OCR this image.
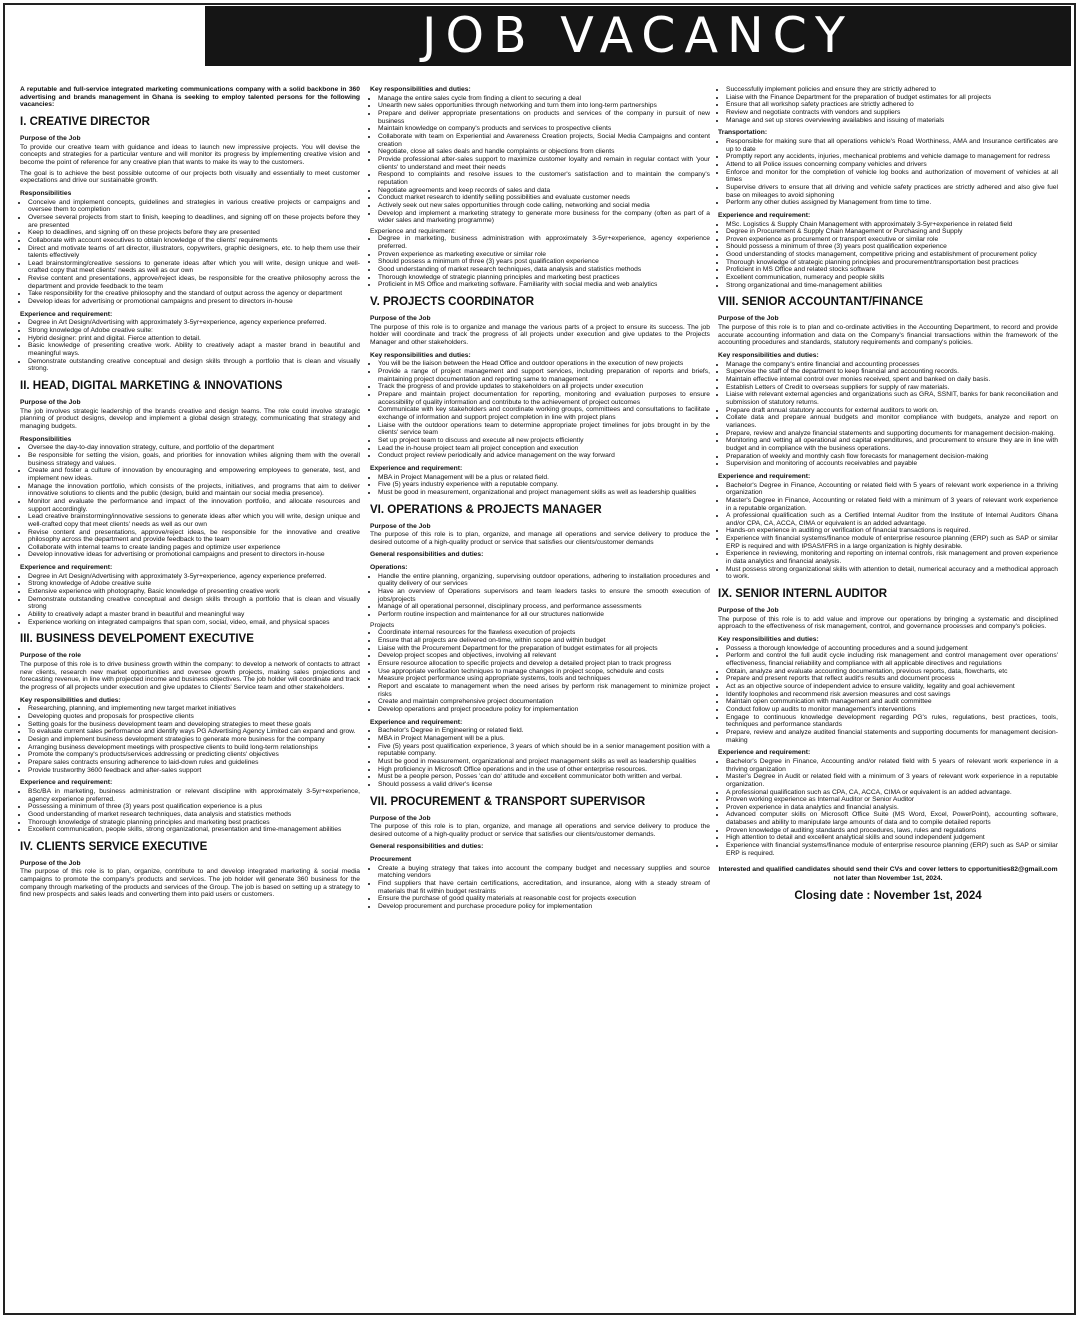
JOB VACANCY

A reputable and full-service integrated marketing communications company with a solid backbone in 360 advertising and brands management in Ghana is seeking to employ talented persons for the following vacancies:

I. CREATIVE DIRECTOR
Purpose of the Job

To provide our creative team with guidance and ideas to launch new impressive projects. You will devise the concepts and strategies for a particular venture and will monitor its progress by implementing creative vision and become the point of reference for any creative plan that wants to make its way to the customers.

The goal is to achieve the best possible outcome of our projects both visually and essentially to meet customer expectations and drive our sustainable growth.

Responsibilities
• Conceive and implement concepts, guidelines and strategies in various creative projects or campaigns and oversee them to completion
• Oversee several projects from start to finish, keeping to deadlines, and signing off on these projects before they are presented
• Keep to deadlines, and signing off on these projects before they are presented
• Collaborate with account executives to obtain knowledge of the clients' requirements
• Direct and motivate teams of art director, illustrators, copywriters, graphic designers, etc. to help them use their talents effectively
• Lead brainstorming/creative sessions to generate ideas after which you will write, design unique and well-crafted copy that meet clients' needs as well as our own
• Revise content and presentations, approve/reject ideas, be responsible for the creative philosophy across the department and provide feedback to the team
• Take responsibility for the creative philosophy and the standard of output across the agency or department
• Develop ideas for advertising or promotional campaigns and present to directors in-house
Experience and requirement:
• Degree in Art Design/Advertising with approximately 3-5yr+experience, agency experience preferred.
• Strong knowledge of Adobe creative suite:
• Hybrid designer: print and digital. Fierce attention to detail.
• Basic knowledge of presenting creative work. Ability to creatively adapt a master brand in beautiful and meaningful ways.
• Demonstrate outstanding creative conceptual and design skills through a portfolio that is clean and visually strong.
II. HEAD, DIGITAL MARKETING & INNOVATIONS
Purpose of the Job

The job involves strategic leadership of the brands creative and design teams. The role could involve strategic planning of product designs, develop and implement a global design strategy, communicating that strategy and managing budgets.

Responsibilities
• Oversee the day-to-day innovation strategy, culture, and portfolio of the department
• Be responsible for setting the vision, goals, and priorities for innovation whiles aligning them with the overall business strategy and values.
• Create and foster a culture of innovation by encouraging and empowering employees to generate, test, and implement new ideas.
• Manage the innovation portfolio, which consists of the projects, initiatives, and programs that aim to deliver innovative solutions to clients and the public (design, build and maintain our social media presence).
• Monitor and evaluate the performance and impact of the innovation portfolio, and allocate resources and support accordingly.
• Lead creative brainstorming/innovative sessions to generate ideas after which you will write, design unique and well-crafted copy that meet clients' needs as well as our own
• Revise content and presentations, approve/reject ideas, be responsible for the innovative and creative philosophy across the department and provide feedback to the team
• Collaborate with internal teams to create landing pages and optimize user experience
• Develop innovative ideas for advertising or promotional campaigns and present to directors in-house
Experience and requirement:
• Degree in Art Design/Advertising with approximately 3-5yr+experience, agency experience preferred.
• Strong knowledge of Adobe creative suite
• Extensive experience with photography, Basic knowledge of presenting creative work
• Demonstrate outstanding creative conceptual and design skills through a portfolio that is clean and visually strong
• Ability to creatively adapt a master brand in beautiful and meaningful way
• Experience working on integrated campaigns that span com, social, video, email, and physical spaces
III. BUSINESS DEVELPOMENT EXECUTIVE
Purpose of the role

The purpose of this role is to drive business growth within the company: to develop a network of contacts to attract new clients, research new market opportunities and oversee growth projects, making sales projections and forecasting revenue, in line with projected income and business objectives. The job holder will coordinate and track the progress of all projects under execution and give updates to Clients' Service team and other stakeholders.

Key responsibilities and duties:
• Researching, planning, and implementing new target market initiatives
• Developing quotes and proposals for prospective clients
• Setting goals for the business development team and developing strategies to meet these goals
• To evaluate current sales performance and identify ways PG Advertising Agency Limited can expand and grow.
• Design and implement business development strategies to generate more business for the company
• Arranging business development meetings with prospective clients to build long-term relationships
• Promote the company's products/services addressing or predicting clients' objectives
• Prepare sales contracts ensuring adherence to laid-down rules and guidelines
• Provide trustworthy 3600 feedback and after-sales support
Experience and requirement:
• BSc/BA in marketing, business administration or relevant discipline with approximately 3-5yr+experience, agency experience preferred.
• Possessing a minimum of three (3) years post qualification experience is a plus
• Good understanding of market research techniques, data analysis and statistics methods
• Thorough knowledge of strategic planning principles and marketing best practices
• Excellent communication, people skills, strong organizational, presentation and time-management abilities
IV. CLIENTS SERVICE EXECUTIVE
Purpose of the Job

The purpose of this role is to plan, organize, contribute to and develop integrated marketing & social media campaigns to promote the company's products and services. The job holder will generate 360 business for the company through marketing of the products and services of the Group. The job is based on setting up a strategy to find new prospects and sales leads and converting them into paid users or customers.

Key responsibilities and duties:
• Manage the entire sales cycle from finding a client to securing a deal
• Unearth new sales opportunities through networking and turn them into long-term partnerships
• Prepare and deliver appropriate presentations on products and services of the company in pursuit of new business
• Maintain knowledge on company's products and services to prospective clients
• Collaborate with team on Experiential and Awareness Creation projects, Social Media Campaigns and content creation
• Negotiate, close all sales deals and handle complaints or objections from clients
• Provide professional after-sales support to maximize customer loyalty and remain in regular contact with 'your clients' to understand and meet their needs
• Respond to complaints and resolve issues to the customer's satisfaction and to maintain the company's reputation
• Negotiate agreements and keep records of sales and data
• Conduct market research to identify selling possibilities and evaluate customer needs
• Actively seek out new sales opportunities through code calling, networking and social media
• Develop and implement a marketing strategy to generate more business for the company (often as part of a wider sales and marketing programme)
Experience and requirement:
• Degree in marketing, business administration with approximately 3-5yr+experience, agency experience preferred.
• Proven experience as marketing executive or similar role
• Should possess a minimum of three (3) years post qualification experience
• Good understanding of market research techniques, data analysis and statistics methods
• Thorough knowledge of strategic planning principles and marketing best practices
• Proficient in MS Office and marketing software. Familiarity with social media and web analytics
V. PROJECTS COORDINATOR
Purpose of the Job

The purpose of this role is to organize and manage the various parts of a project to ensure its success. The job holder will coordinate and track the progress of all projects under execution and give updates to the Projects Manager and other stakeholders.

Key responsibilities and duties:
• You will be the liaison between the Head Office and outdoor operations in the execution of new projects
• Provide a range of project management and support services, including preparation of reports and briefs, maintaining project documentation and reporting same to management
• Track the progress of and provide updates to stakeholders on all projects under execution
• Prepare and maintain project documentation for reporting, monitoring and evaluation purposes to ensure accessibility of quality information and contribute to the achievement of project outcomes
• Communicate with key stakeholders and coordinate working groups, committees and consultations to facilitate exchange of information and support project completion in line with project plans
• Liaise with the outdoor operations team to determine appropriate project timelines for jobs brought in by the clients' service team
• Set up project team to discuss and execute all new projects efficiently
• Lead the in-house project team all project conception and execution
• Conduct project review periodically and advice management on the way forward
Experience and requirement:
• MBA in Project Management will be a plus or related field.
• Five (5) years industry experience with a reputable company.
• Must be good in measurement, organizational and project management skills as well as leadership qualities
VI. OPERATIONS & PROJECTS MANAGER
Purpose of the Job

The purpose of this role is to plan, organize, and manage all operations and service delivery to produce the desired outcome of a high-quality product or service that satisfies our clients/customer demands

General responsibilities and duties:
Operations:
• Handle the entire planning, organizing, supervising outdoor operations, adhering to installation procedures and quality delivery of our services
• Have an overview of Operations supervisors and team leaders tasks to ensure the smooth execution of jobs/projects
• Manage of all operational personnel, disciplinary process, and performance assessments
• Perform routine inspection and maintenance for all our structures nationwide
Projects
• Coordinate internal resources for the flawless execution of projects
• Ensure that all projects are delivered on-time, within scope and within budget
• Liaise with the Procurement Department for the preparation of budget estimates for all projects
• Develop project scopes and objectives, involving all relevant
• Ensure resource allocation to specific projects and develop a detailed project plan to track progress
• Use appropriate verification techniques to manage changes in project scope, schedule and costs
• Measure project performance using appropriate systems, tools and techniques
• Report and escalate to management when the need arises by perform risk management to minimize project risks
• Create and maintain comprehensive project documentation
• Develop operations and project procedure policy for implementation
Experience and requirement:
• Bachelor's Degree in Engineering or related field.
• MBA in Project Management will be a plus.
• Five (5) years post qualification experience, 3 years of which should be in a senior management position with a reputable company.
• Must be good in measurement, organizational and project management skills as well as leadership qualities
• High proficiency in Microsoft Office operations and in the use of other enterprise resources.
• Must be a people person, Posses 'can do' attitude and excellent communicator both written and verbal.
• Should possess a valid driver's license
VII. PROCUREMENT & TRANSPORT SUPERVISOR
Purpose of the Job

The purpose of this role is to plan, organize, and manage all operations and service delivery to produce the desired outcome of a high-quality product or service that satisfies our clients/customer demands.

General responsibilities and duties:
Procurement
• Create a buying strategy that takes into account the company budget and necessary supplies and source matching vendors
• Find suppliers that have certain certifications, accreditation, and insurance, along with a steady stream of materials that fit within budget restraints
• Ensure the purchase of good quality materials at reasonable cost for projects execution
• Develop procurement and purchase procedure policy for implementation
• Successfully implement policies and ensure they are strictly adhered to
• Liaise with the Finance Department for the preparation of budget estimates for all projects
• Ensure that all workshop safety practices are strictly adhered to
• Review and negotiate contracts with vendors and suppliers
• Manage and set up stores overviewing availables and issuing of materials
Transportation:
• Responsible for making sure that all operations vehicle's Road Worthiness, AMA and Insurance certificates are up to date
• Promptly report any accidents, injuries, mechanical problems and vehicle damage to management for redress
• Attend to all Police issues concerning company vehicles and drivers
• Enforce and monitor for the completion of vehicle log books and authorization of movement of vehicles at all times
• Supervise drivers to ensure that all driving and vehicle safety practices are strictly adhered and also give fuel base on mileages to avoid siphoning
• Perform any other duties assigned by Management from time to time.
Experience and requirement:
• MSc. Logistics & Supply Chain Management with approximately 3-5yr+experience in related field
• Degree in Procurement & Supply Chain Management or Purchasing and Supply
• Proven experience as procurement or transport executive or similar role
• Should possess a minimum of three (3) years post qualification experience
• Good understanding of stocks management, competitive pricing and establishment of procurement policy
• Thorough knowledge of strategic planning principles and procurement/transportation best practices
• Proficient in MS Office and related stocks software
• Excellent communication, numeracy and people skills
• Strong organizational and time-management abilities
VIII. SENIOR ACCOUNTANT/FINANCE
Purpose of the Job

The purpose of this role is to plan and co-ordinate activities in the Accounting Department, to record and provide accurate accounting information and data on the Company's financial transactions within the framework of the accounting procedures and standards, statutory requirements and company's policies.

Key responsibilities and duties:
• Manage the company's entire financial and accounting processes
• Supervise the staff of the department to keep financial and accounting records.
• Maintain effective internal control over monies received, spent and banked on daily basis.
• Establish Letters of Credit to overseas suppliers for supply of raw materials.
• Liaise with relevant external agencies and organizations such as GRA, SSNIT, banks for bank reconciliation and submission of statutory returns.
• Prepare draft annual statutory accounts for external auditors to work on.
• Collate data and prepare annual budgets and monitor compliance with budgets, analyze and report on variances.
• Prepare, review and analyze financial statements and supporting documents for management decision-making.
• Monitoring and vetting all operational and capital expenditures, and procurement to ensure they are in line with budget and in compliance with the business operations.
• Preparation of weekly and monthly cash flow forecasts for management decision-making
• Supervision and monitoring of accounts receivables and payable
Experience and requirement:
• Bachelor's Degree in Finance, Accounting or related field with 5 years of relevant work experience in a thriving organization
• Master's Degree in Finance, Accounting or related field with a minimum of 3 years of relevant work experience in a reputable organization.
• A professional qualification such as a Certified Internal Auditor from the Institute of Internal Auditors Ghana and/or CPA, CA, ACCA, CIMA or equivalent is an added advantage.
• Hands-on experience in auditing or verification of financial transactions is required.
• Experience with financial systems/finance module of enterprise resource planning (ERP) such as SAP or similar ERP is required and with IPSAS/IFRS in a large organization is highly desirable.
• Experience in reviewing, monitoring and reporting on internal controls, risk management and proven experience in data analytics and financial analysis.
• Must possess strong organizational skills with attention to detail, numerical accuracy and a methodical approach to work.
IX. SENIOR INTERNL AUDITOR
Purpose of the Job

The purpose of this role is to add value and improve our operations by bringing a systematic and disciplined approach to the effectiveness of risk management, control, and governance processes and company's policies.

Key responsibilities and duties:
• Possess a thorough knowledge of accounting procedures and a sound judgement
• Perform and control the full audit cycle including risk management and control management over operations' effectiveness, financial reliability and compliance with all applicable directives and regulations
• Obtain, analyze and evaluate accounting documentation, previous reports, data, flowcharts, etc
• Prepare and present reports that reflect audit's results and document process
• Act as an objective source of independent advice to ensure validity, legality and goal achievement
• Identify loopholes and recommend risk aversion measures and cost savings
• Maintain open communication with management and audit committee
• Conduct follow up audits to monitor management's interventions
• Engage to continuous knowledge development regarding PG's rules, regulations, best practices, tools, techniques and performance standards
• Prepare, review and analyze audited financial statements and supporting documents for management decision-making
Experience and requirement:
• Bachelor's Degree in Finance, Accounting and/or related field with 5 years of relevant work experience in a thriving organization
• Master's Degree in Audit or related field with a minimum of 3 years of relevant work experience in a reputable organization.
• A professional qualification such as CPA, CA, ACCA, CIMA or equivalent is an added advantage.
• Proven working experience as Internal Auditor or Senior Auditor
• Proven experience in data analytics and financial analysis.
• Advanced computer skills on Microsoft Office Suite (MS Word, Excel, PowerPoint), accounting software, databases and ability to manipulate large amounts of data and to compile detailed reports
• Proven knowledge of auditing standards and procedures, laws, rules and regulations
• High attention to detail and excellent analytical skills and sound independent judgement
• Experience with financial systems/finance module of enterprise resource planning (ERP) such as SAP or similar ERP is required.
Interested and qualified candidates should send their CVs and cover letters to cpportunities82@gmail.com not later than November 1st, 2024.
Closing date : November 1st, 2024
